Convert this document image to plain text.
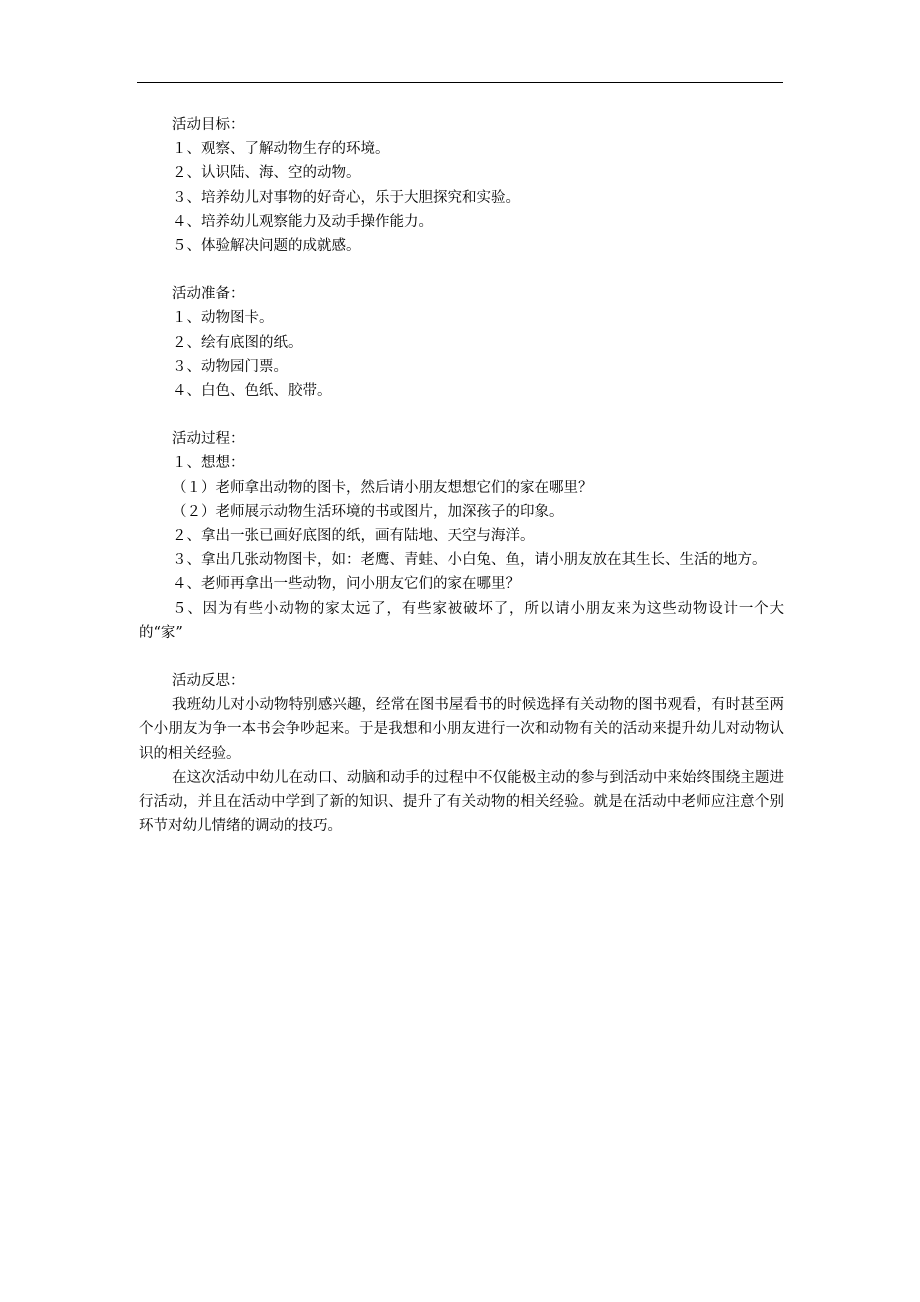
活动目标：
１、观察、了解动物生存的环境。
２、认识陆、海、空的动物。
３、培养幼儿对事物的好奇心，乐于大胆探究和实验。
４、培养幼儿观察能力及动手操作能力。
５、体验解决问题的成就感。
活动准备：
１、动物图卡。
２、绘有底图的纸。
３、动物园门票。
４、白色、色纸、胶带。
活动过程：
１、想想：
（１）老师拿出动物的图卡，然后请小朋友想想它们的家在哪里？
（２）老师展示动物生活环境的书或图片，加深孩子的印象。
２、拿出一张已画好底图的纸，画有陆地、天空与海洋。
３、拿出几张动物图卡，如：老鹰、青蛙、小白兔、鱼，请小朋友放在其生长、生活的地方。
４、老师再拿出一些动物，问小朋友它们的家在哪里？
５、因为有些小动物的家太远了，有些家被破坏了，所以请小朋友来为这些动物设计一个大的“家”
活动反思：
我班幼儿对小动物特别感兴趣，经常在图书屋看书的时候选择有关动物的图书观看，有时甚至两个小朋友为争一本书会争吵起来。于是我想和小朋友进行一次和动物有关的活动来提升幼儿对动物认识的相关经验。
在这次活动中幼儿在动口、动脑和动手的过程中不仅能极主动的参与到活动中来始终围绕主题进行活动，并且在活动中学到了新的知识、提升了有关动物的相关经验。就是在活动中老师应注意个别环节对幼儿情绪的调动的技巧。
